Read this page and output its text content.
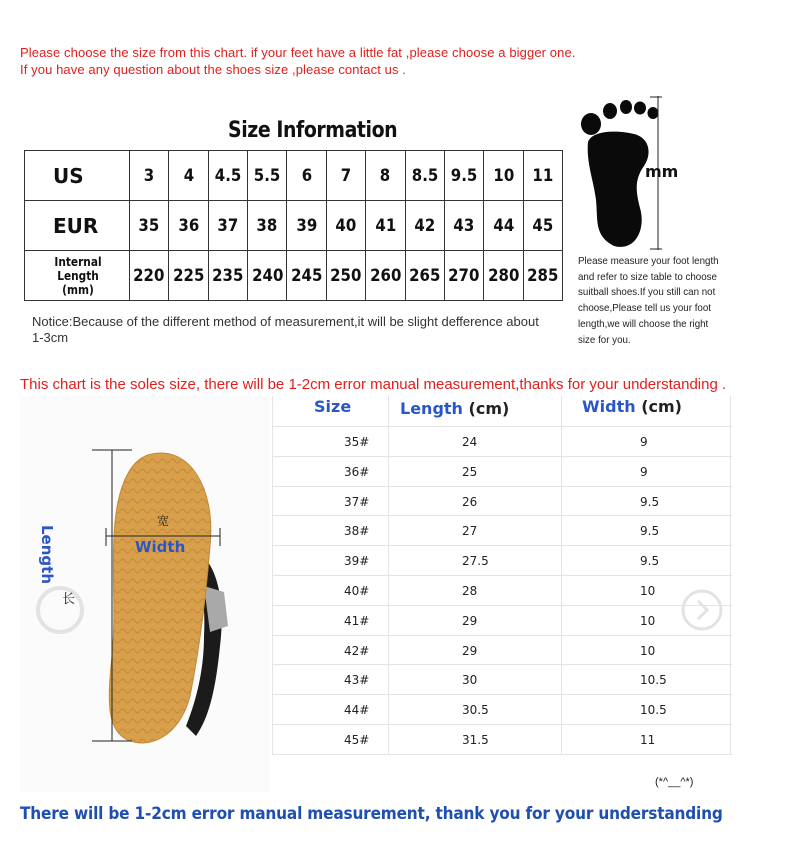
Please choose the size from this chart. if your feet have a little fat ,please choose a bigger one.
If you have any question about the shoes size ,please contact us .
Size Information
US	3	4	4.5	5.5	6	7	8	8.5	9.5	10	11
EUR	35	36	37	38	39	40	41	42	43	44	45
Internal Length
(mm)	220	225	235	240	245	250	260	265	270	280	285
Notice:Because of the different method of measurement,it will be slight defference about 1-3cm
mm
Please measure your foot length and refer to size table to choose suitball shoes.If you still can not choose,Please tell us your foot length,we will choose the right size for you.
This chart is the soles size, there will be 1-2cm error manual measurement,thanks for your understanding .
Length
长
宽
Width
Size	Length (cm)	Width (cm)
35#	24	9
36#	25	9
37#	26	9.5
38#	27	9.5
39#	27.5	9.5
40#	28	10
41#	29	10
42#	29	10
43#	30	10.5
44#	30.5	10.5
45#	31.5	11
(*^__^*)
There will be 1-2cm error manual measurement, thank you for your understanding
